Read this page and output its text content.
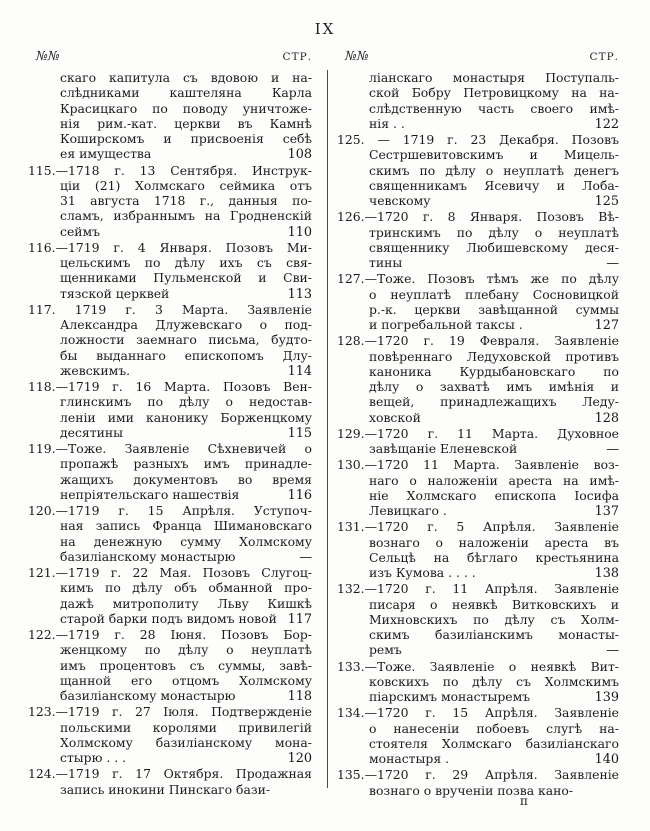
IX
№№	СТР.
скаго капитула съ вдовою и на-
слѣдниками каштеляна Карла
Красицкаго по поводу уничтоже-
нія рим.-кат. церкви въ Камнѣ
Коширскомъ и присвоенія себѣ
ея имущества	108
115.—1718 г. 13 Сентября. Инструк-
ціи (21) Холмскаго сеймика отъ
31 августа 1718 г., данныя по-
сламъ, избраннымъ на Гродненскій
сеймъ	110
116.—1719 г. 4 Января. Позовъ Ми-
цельскимъ по дѣлу ихъ съ свя-
щенниками Пульменской и Сви-
тязской церквей	113
117. 1719 г. 3 Марта. Заявленіе
Александра Длужевскаго о под-
ложности заемнаго письма, будто-
бы выданнаго епископомъ Длу-
жевскимъ.	114
118.—1719 г. 16 Марта. Позовъ Вен-
глинскимъ по дѣлу о недостав-
леніи ими канонику Борженцкому
десятины	115
119.—Тоже. Заявленіе Сѣхневичей о
пропажѣ разныхъ имъ принадле-
жащихъ документовъ во время
непріятельскаго нашествія	116
120.—1719 г. 15 Апрѣля. Уступоч-
ная запись Франца Шимановскаго
на денежную сумму Холмскому
базиліанскому монастырю	—
121.—1719 г. 22 Мая. Позовъ Слугоц-
кимъ по дѣлу объ обманной про-
дажѣ митрополиту Льву Кишкѣ
старой барки подъ видомъ новой 117
122.—1719 г. 28 Іюня. Позовъ Бор-
женцкому по дѣлу о неуплатѣ
имъ процентовъ съ суммы, завѣ-
щанной его отцомъ Холмскому
базиліанскому монастырю	118
123.—1719 г. 27 Іюля. Подтвержденіе
польскими королями привилегій
Холмскому базиліанскому мона-
стырю . . .	120
124.—1719 г. 17 Октября. Продажная
запись инокини Пинскаго бази-
№№	СТР.
ліанскаго монастыря Поступаль-
ской Бобру Петровицкому на на-
слѣдственную часть своего имѣ-
нія . .	122
125. — 1719 г. 23 Декабря. Позовъ
Сестршевитовскимъ и Мицель-
скимъ по дѣлу о неуплатѣ денегъ
священникамъ Ясевичу и Лоба-
чевскому	125
126.—1720 г. 8 Января. Позовъ Вѣ-
тринскимъ по дѣлу о неуплатѣ
священнику Любишевскому деся-
тины	—
127.—Тоже. Позовъ тѣмъ же по дѣлу
о неуплатѣ плебану Сосновицкой
р.-к. церкви завѣщанной суммы
и погребальной таксы .	127
128.—1720 г. 19 Февраля. Заявленіе
повѣреннаго Ледуховской противъ
каноника Курдыбановскаго по
дѣлу о захватѣ имъ имѣнія и
вещей, принадлежащихъ Леду-
ховской	128
129.—1720 г. 11 Марта. Духовное
завѣщаніе Еленевской	—
130.—1720 11 Марта. Заявленіе воз-
наго о наложеніи ареста на имѣ-
ніе Холмскаго епископа Іосифа
Левицкаго .	137
131.—1720 г. 5 Апрѣля. Заявленіе
вознаго о наложеніи ареста въ
Сельцѣ на бѣглаго крестьянина
изъ Кумова . . . .	138
132.—1720 г. 11 Апрѣля. Заявленіе
писаря о неявкѣ Витковскихъ и
Михновскихъ по дѣлу съ Холм-
скимъ базиліанскимъ монасты-
ремъ	—
133.—Тоже. Заявленіе о неявкѣ Вит-
ковскихъ по дѣлу съ Холмскимъ
піарскимъ монастыремъ	139
134.—1720 г. 15 Апрѣля. Заявленіе
о нанесеніи побоевъ слугѣ на-
стоятеля Холмскаго базиліанскаго
монастыря .	140
135.—1720 г. 29 Апрѣля. Заявленіе
вознаго о врученіи позва кано-
п
